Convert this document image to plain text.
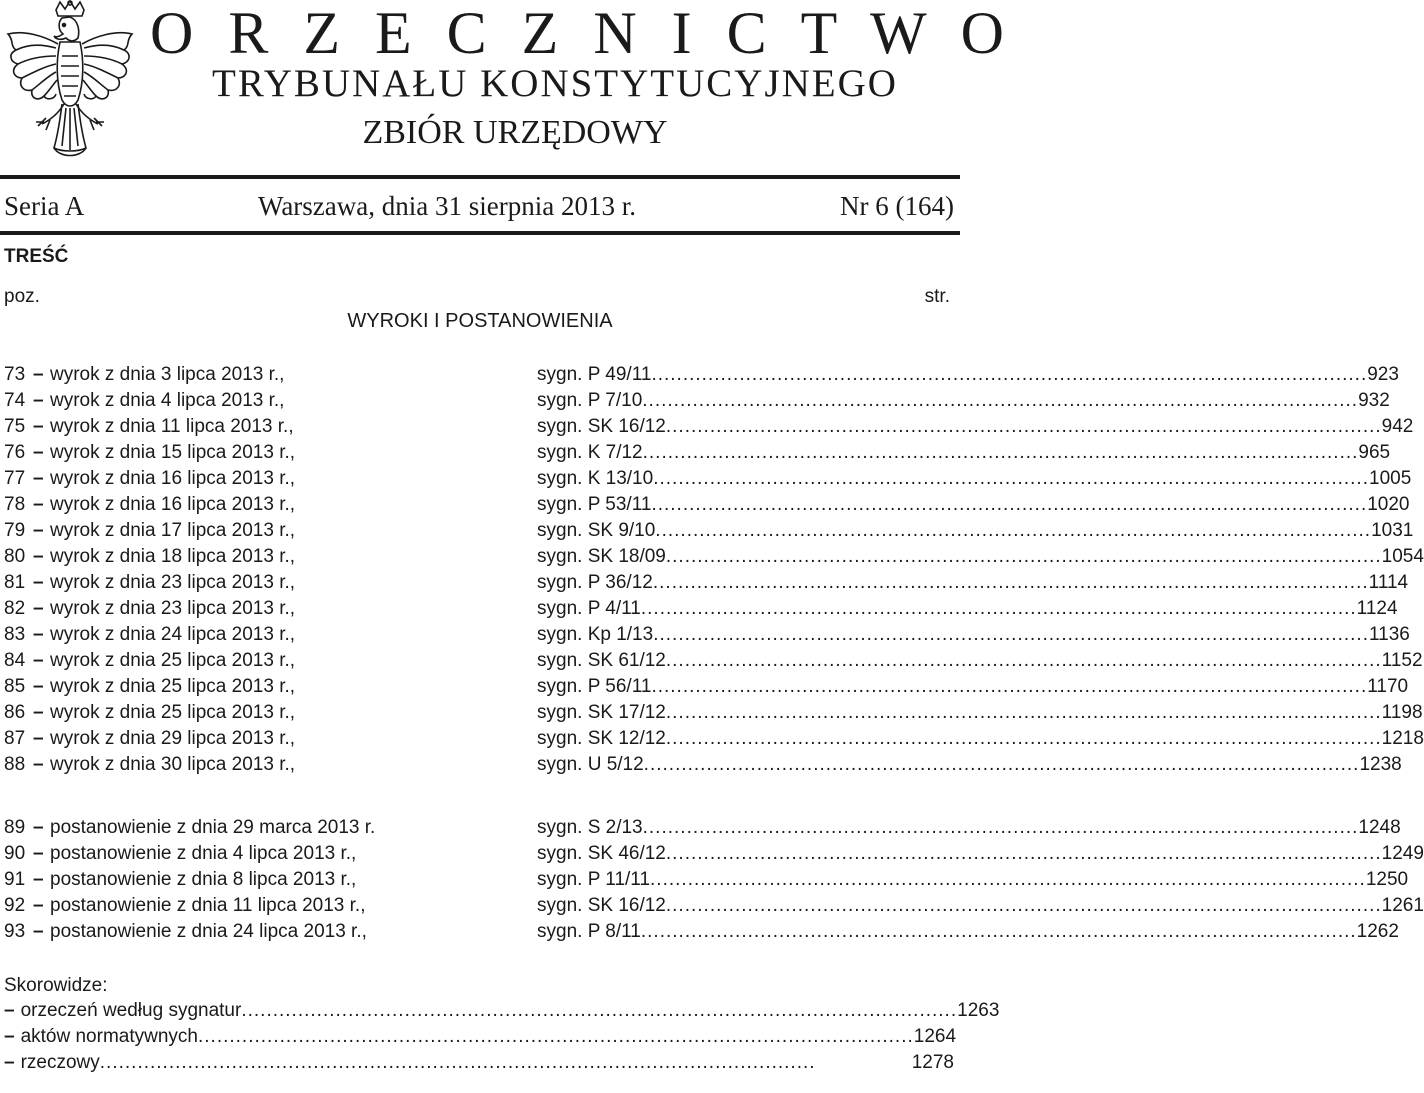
O R Z E C Z N I C T W O
TRYBUNAŁU KONSTYTUCYJNEGO
ZBIÓR URZĘDOWY
Seria A	Warszawa, dnia 31 sierpnia 2013 r.	Nr 6 (164)
TREŚĆ
poz.	str.
WYROKI I POSTANOWIENIA
73 – wyrok z dnia 3 lipca 2013 r.,	sygn. P 49/11 .................................................................................................................. 923
74 – wyrok z dnia 4 lipca 2013 r.,	sygn. P 7/10 .................................................................................................................. 932
75 – wyrok z dnia 11 lipca 2013 r.,	sygn. SK 16/12 .................................................................................................................. 942
76 – wyrok z dnia 15 lipca 2013 r.,	sygn. K 7/12 .................................................................................................................. 965
77 – wyrok z dnia 16 lipca 2013 r.,	sygn. K 13/10 .................................................................................................................. 1005
78 – wyrok z dnia 16 lipca 2013 r.,	sygn. P 53/11 .................................................................................................................. 1020
79 – wyrok z dnia 17 lipca 2013 r.,	sygn. SK 9/10 .................................................................................................................. 1031
80 – wyrok z dnia 18 lipca 2013 r.,	sygn. SK 18/09 .................................................................................................................. 1054
81 – wyrok z dnia 23 lipca 2013 r.,	sygn. P 36/12 .................................................................................................................. 1114
82 – wyrok z dnia 23 lipca 2013 r.,	sygn. P 4/11 .................................................................................................................. 1124
83 – wyrok z dnia 24 lipca 2013 r.,	sygn. Kp 1/13 .................................................................................................................. 1136
84 – wyrok z dnia 25 lipca 2013 r.,	sygn. SK 61/12 .................................................................................................................. 1152
85 – wyrok z dnia 25 lipca 2013 r.,	sygn. P 56/11 .................................................................................................................. 1170
86 – wyrok z dnia 25 lipca 2013 r.,	sygn. SK 17/12 .................................................................................................................. 1198
87 – wyrok z dnia 29 lipca 2013 r.,	sygn. SK 12/12 .................................................................................................................. 1218
88 – wyrok z dnia 30 lipca 2013 r.,	sygn. U 5/12 .................................................................................................................. 1238
89 – postanowienie z dnia 29 marca 2013 r.	sygn. S 2/13 .................................................................................................................. 1248
90 – postanowienie z dnia 4 lipca 2013 r.,	sygn. SK 46/12 .................................................................................................................. 1249
91 – postanowienie z dnia 8 lipca 2013 r.,	sygn. P 11/11 .................................................................................................................. 1250
92 – postanowienie z dnia 11 lipca 2013 r.,	sygn. SK 16/12 .................................................................................................................. 1261
93 – postanowienie z dnia 24 lipca 2013 r.,	sygn. P 8/11 .................................................................................................................. 1262
Skorowidze:
– orzeczeń według sygnatur .................................................................................................................. 1263
– aktów normatywnych .................................................................................................................. 1264
– rzeczowy ..................................................................................................................	1278
